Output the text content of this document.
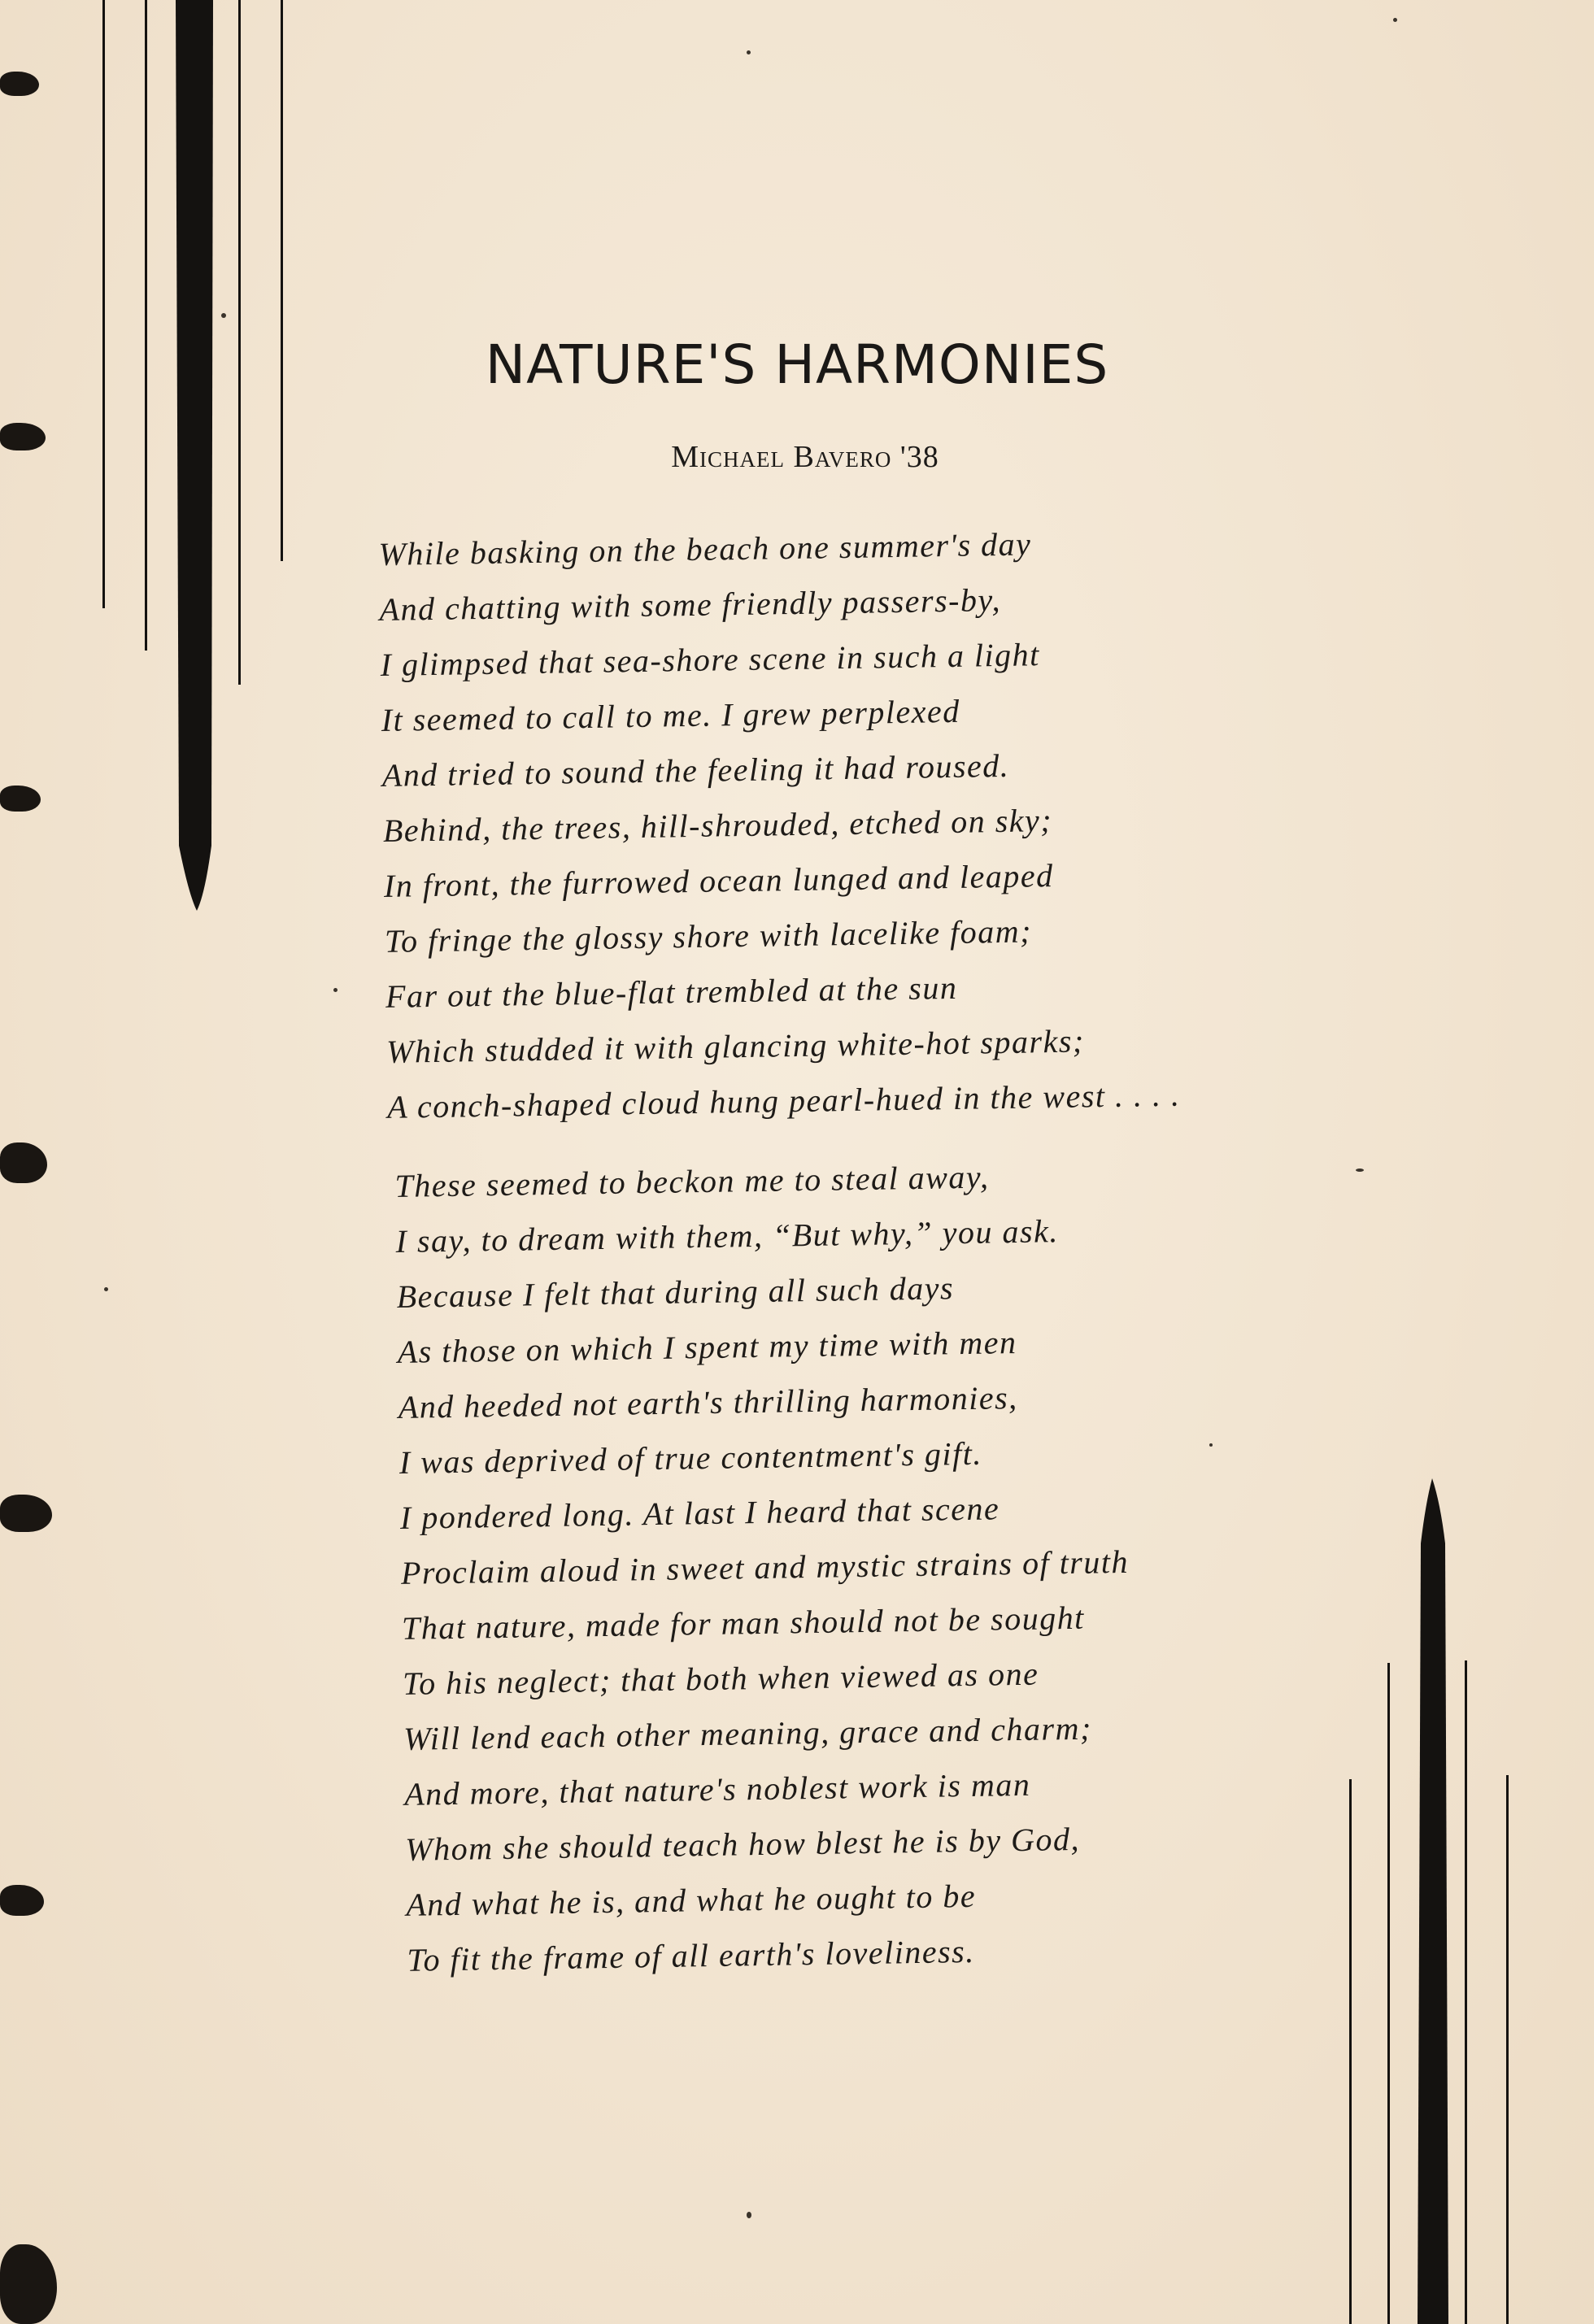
NATURE'S HARMONIES
Michael Bavero '38
While basking on the beach one summer's day
And chatting with some friendly passers-by,
I glimpsed that sea-shore scene in such a light
It seemed to call to me. I grew perplexed
And tried to sound the feeling it had roused.
Behind, the trees, hill-shrouded, etched on sky;
In front, the furrowed ocean lunged and leaped
To fringe the glossy shore with lacelike foam;
Far out the blue-flat trembled at the sun
Which studded it with glancing white-hot sparks;
A conch-shaped cloud hung pearl-hued in the west . . . .
These seemed to beckon me to steal away,
I say, to dream with them, “But why,” you ask.
Because I felt that during all such days
As those on which I spent my time with men
And heeded not earth's thrilling harmonies,
I was deprived of true contentment's gift.
I pondered long. At last I heard that scene
Proclaim aloud in sweet and mystic strains of truth
That nature, made for man should not be sought
To his neglect; that both when viewed as one
Will lend each other meaning, grace and charm;
And more, that nature's noblest work is man
Whom she should teach how blest he is by God,
And what he is, and what he ought to be
To fit the frame of all earth's loveliness.
